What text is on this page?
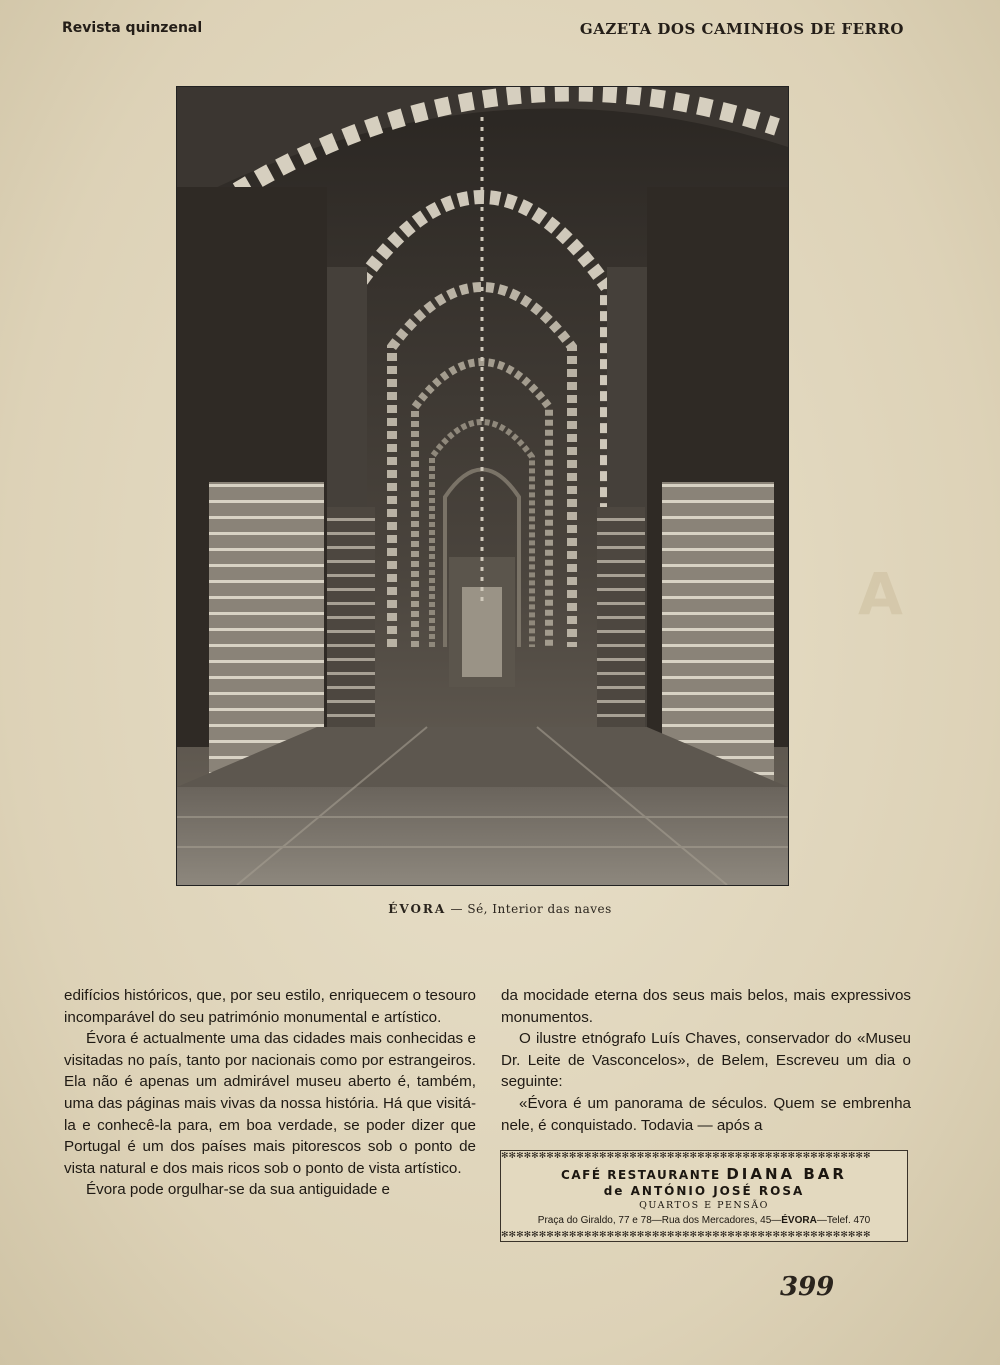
Revista quinzenal	GAZETA DOS CAMINHOS DE FERRO
A
ÉVORA — Sé, Interior das naves

edifícios históricos, que, por seu estilo, enriquecem o tesouro incomparável do seu património monumental e artístico.

Évora é actualmente uma das cidades mais conhecidas e visitadas no país, tanto por nacionais como por estrangeiros. Ela não é apenas um admirável museu aberto é, também, uma das páginas mais vivas da nossa história. Há que visitá-la e conhecê-la para, em boa verdade, se poder dizer que Portugal é um dos países mais pitorescos sob o ponto de vista natural e dos mais ricos sob o ponto de vista artístico.

Évora pode orgulhar-se da sua antiguidade e

da mocidade eterna dos seus mais belos, mais expressivos monumentos.

O ilustre etnógrafo Luís Chaves, conservador do «Museu Dr. Leite de Vasconcelos», de Belem, Escreveu um dia o seguinte:

«Évora é um panorama de séculos. Quem se embrenha nele, é conquistado. Todavia — após a

✻✻✻✻✻✻✻✻✻✻✻✻✻✻✻✻✻✻✻✻✻✻✻✻✻✻✻✻✻✻✻✻✻✻✻✻✻✻✻✻✻✻✻✻✻✻✻✻✻
✻✻✻✻✻✻✻✻✻✻✻✻✻✻✻✻✻✻✻✻✻✻✻✻✻✻✻✻✻✻✻✻✻✻✻✻✻✻✻✻✻✻✻✻✻✻✻✻✻
CAFÉ RESTAURANTE DIANA BAR
de ANTÓNIO JOSÉ ROSA
QUARTOS E PENSÃO
Praça do Giraldo, 77 e 78—Rua dos Mercadores, 45—ÉVORA—Telef. 470
399
